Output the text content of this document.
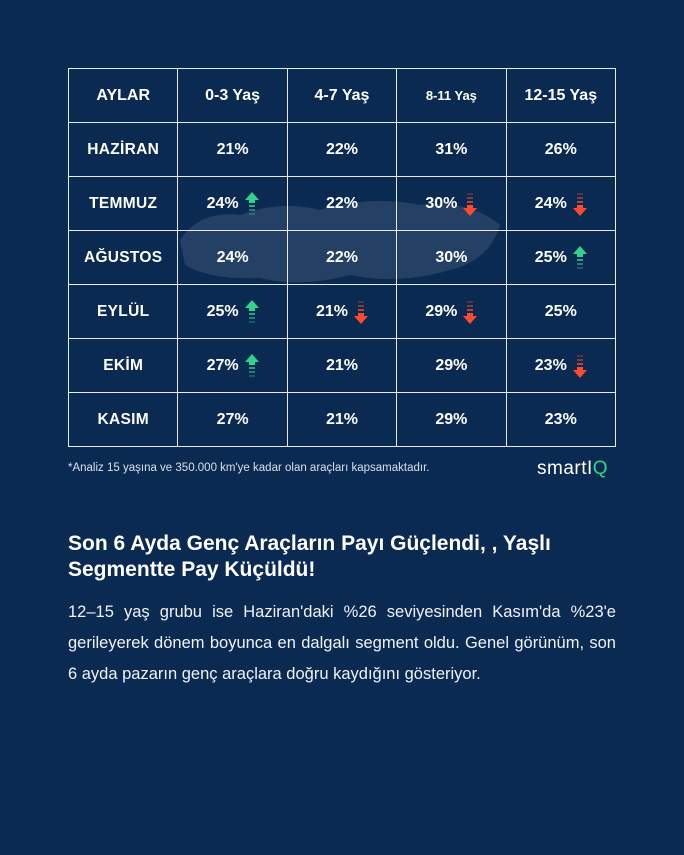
AYLAR	0-3 Yaş	4-7 Yaş	8-11 Yaş	12-15 Yaş
HAZİRAN	21%	22%	31%	26%

TEMMUZ	24%	22%	30%	24%

AĞUSTOS	24%	22%	30%	25%

EYLÜL	25%	21%	29%	25%

EKİM	27%	21%	29%	23%

KASIM	27%	21%	29%	23%
*Analiz 15 yaşına ve 350.000 km'ye kadar olan araçları kapsamaktadır.	smartIQ
Son 6 Ayda Genç Araçların Payı Güçlendi, , Yaşlı Segmentte Pay Küçüldü!
12–15 yaş grubu ise Haziran'daki %26 seviyesinden Kasım'da %23'e gerileyerek dönem boyunca en dalgalı segment oldu. Genel görünüm, son 6 ayda pazarın genç araçlara doğru kaydığını gösteriyor.
